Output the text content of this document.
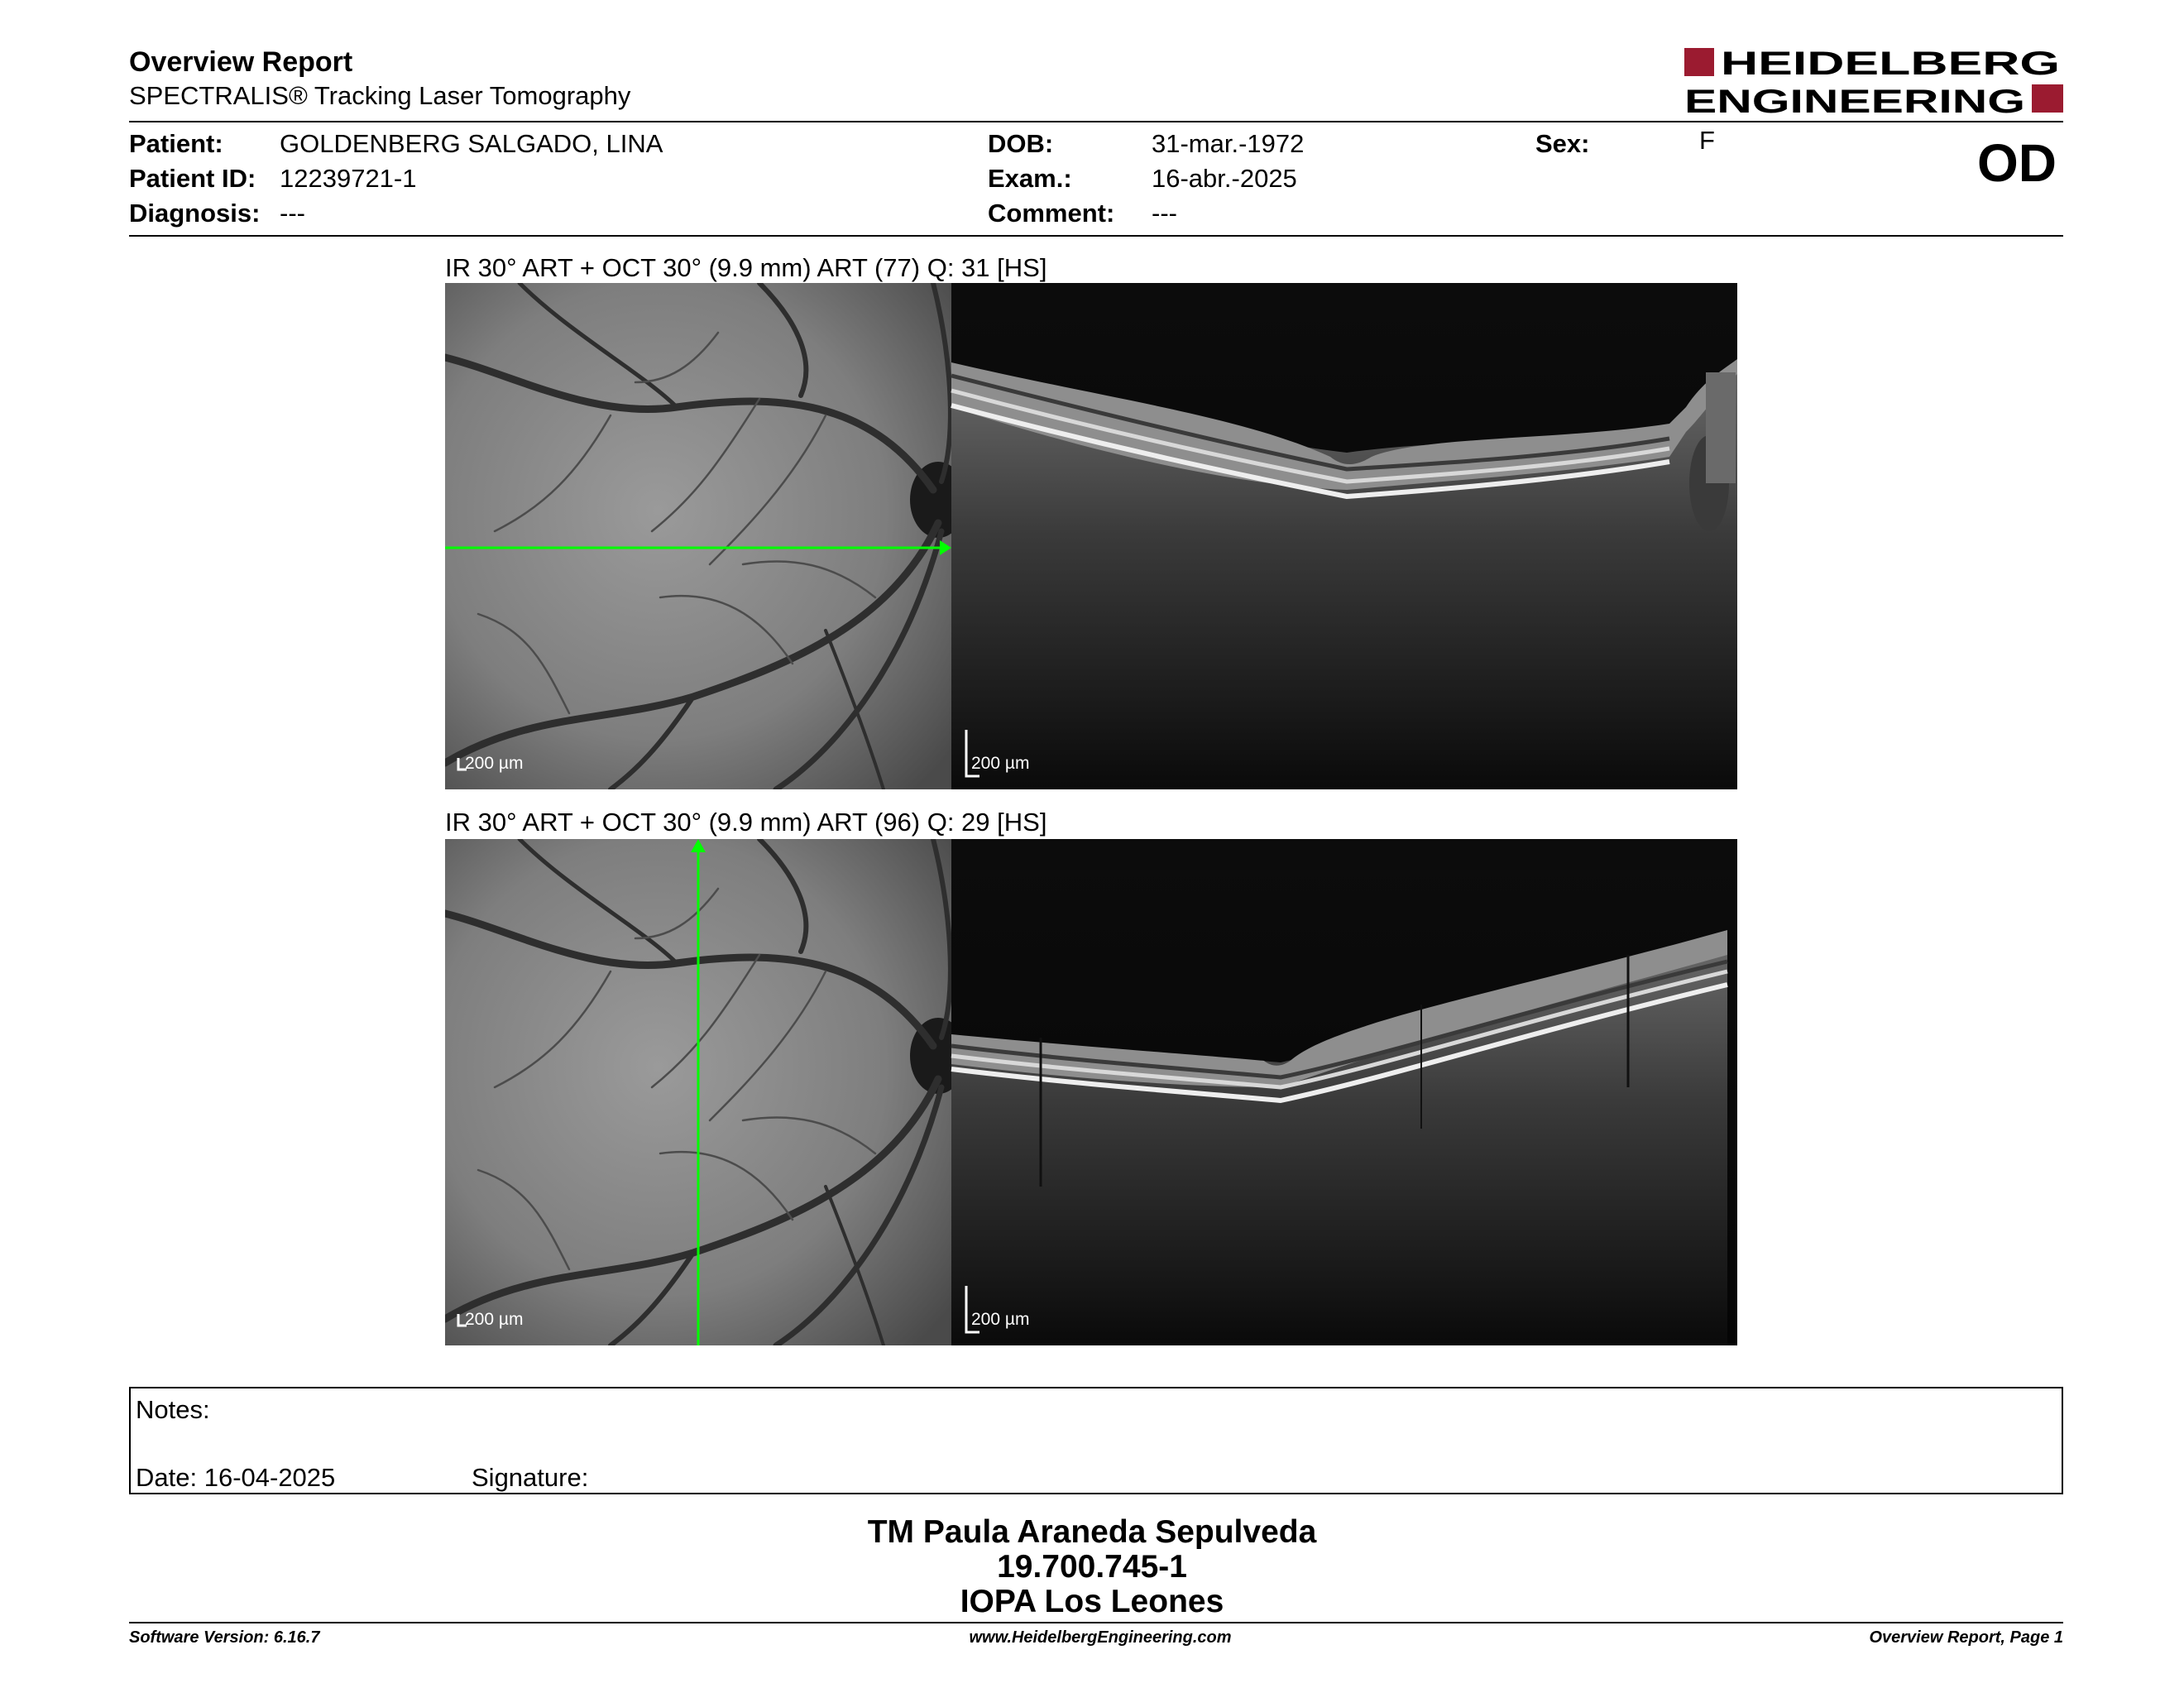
Overview Report
SPECTRALIS® Tracking Laser Tomography
HEIDELBERG
ENGINEERING
Patient: GOLDENBERG SALGADO, LINA
Patient ID: 12239721-1
Diagnosis: ---
DOB:	31-mar.-1972
Exam.:	16-abr.-2025
Comment: ---
Sex:	F	OD
IR 30° ART + OCT 30° (9.9 mm) ART (77) Q: 31 [HS]
200 µm	200 µm
IR 30° ART + OCT 30° (9.9 mm) ART (96) Q: 29 [HS]
200 µm	200 µm
Notes:
Date: 16-04-2025	Signature:
TM Paula Araneda Sepulveda
19.700.745-1
IOPA Los Leones
Software Version: 6.16.7	www.HeidelbergEngineering.com	Overview Report, Page 1
